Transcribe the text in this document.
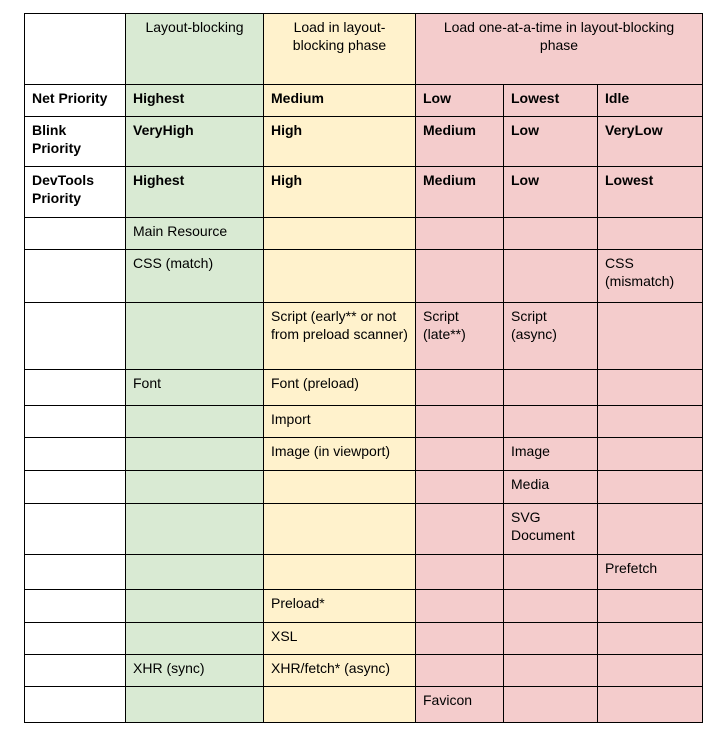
	Layout-blocking	Load in layout-blocking phase	Load one-at-a-time in layout-blocking phase		
Net Priority	Highest	Medium	Low	Lowest	Idle
Blink Priority	VeryHigh	High	Medium	Low	VeryLow
DevTools Priority	Highest	High	Medium	Low	Lowest
	Main Resource				
	CSS (match)				CSS (mismatch)
		Script (early** or not from preload scanner)	Script (late**)	Script (async)	
	Font	Font (preload)			
		Import			
		Image (in viewport)		Image	
				Media	
				SVG Document	
					Prefetch
		Preload*			
		XSL			
	XHR (sync)	XHR/fetch* (async)			
			Favicon		
